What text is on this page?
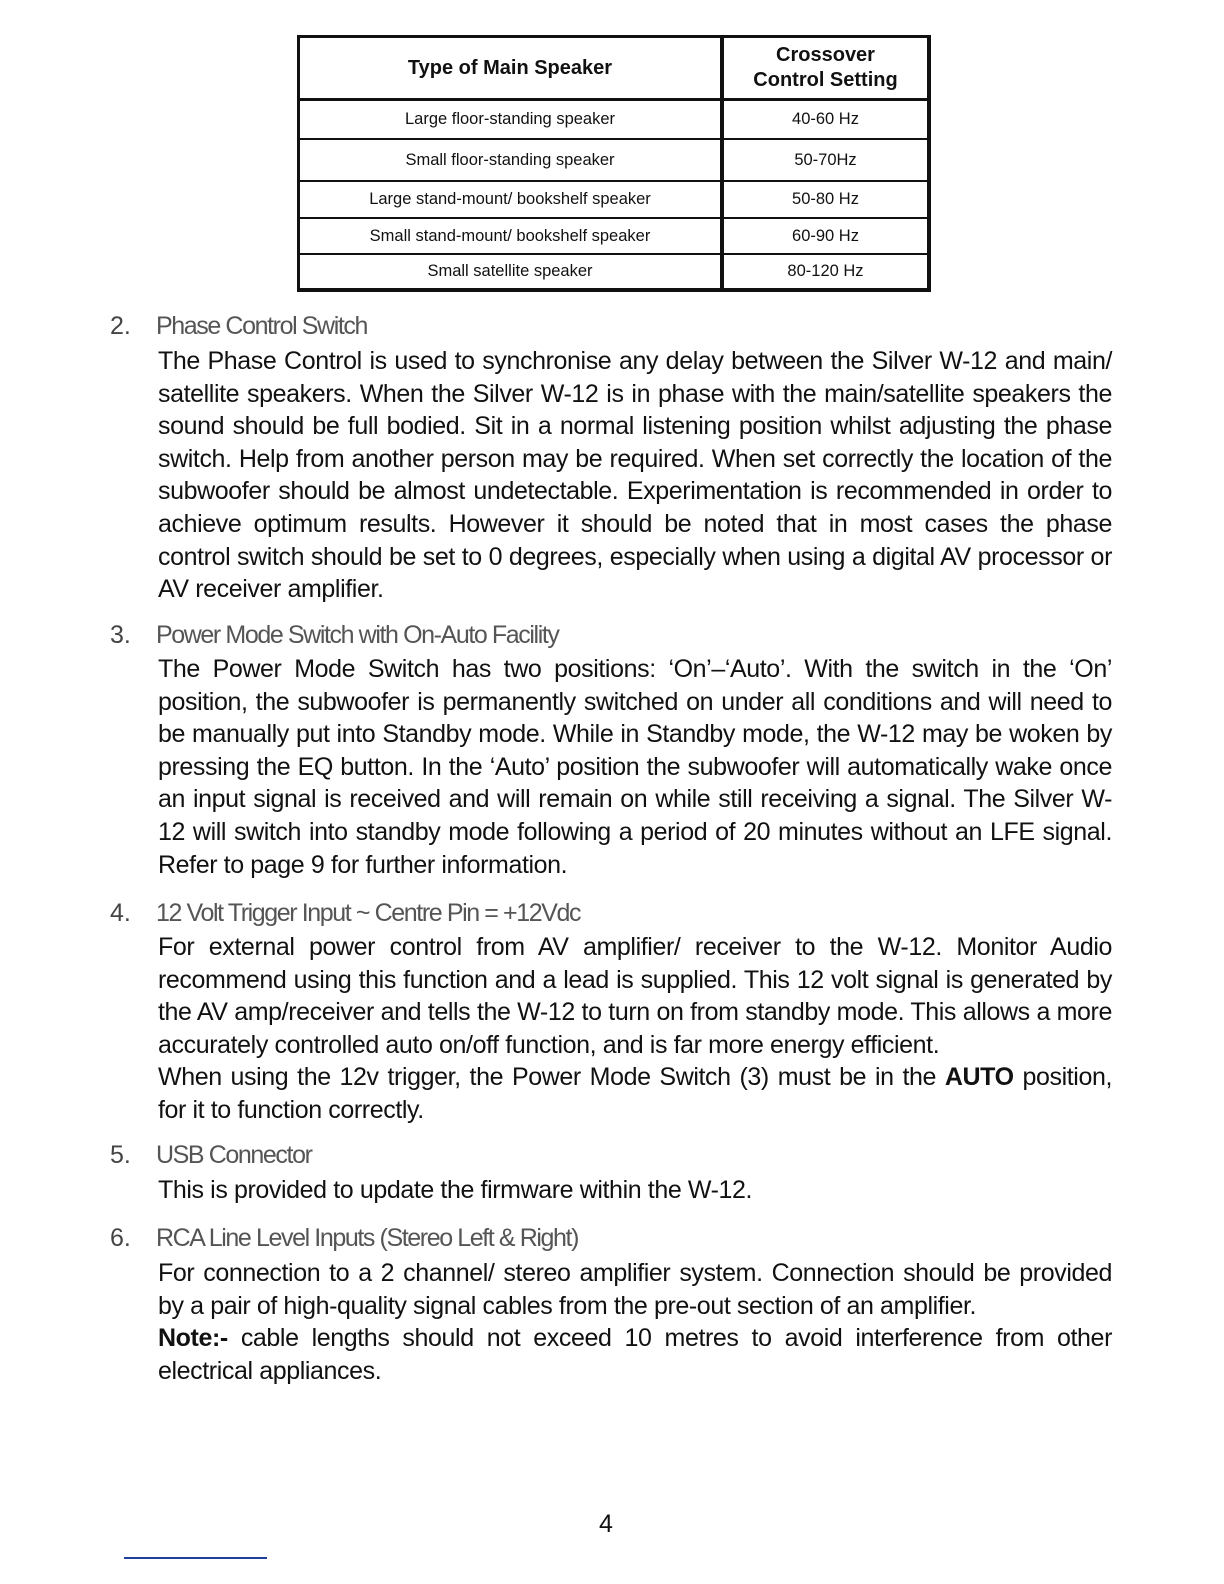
Type of Main Speaker	Crossover
Control Setting
Large floor-standing speaker	40-60 Hz
Small floor-standing speaker	50-70Hz
Large stand-mount/ bookshelf speaker	50-80 Hz
Small stand-mount/ bookshelf speaker	60-90 Hz
Small satellite speaker	80-120 Hz
2. Phase Control Switch

The Phase Control is used to synchronise any delay between the Silver W-12 and main/ satellite speakers. When the Silver W-12 is in phase with the main/satellite speakers the sound should be full bodied. Sit in a normal listening position whilst adjusting the phase switch. Help from another person may be required. When set correctly the location of the subwoofer should be almost undetectable. Experimentation is recommended in order to achieve optimum results. However it should be noted that in most cases the phase control switch should be set to 0 degrees, especially when using a digital AV processor or AV receiver amplifier.

3. Power Mode Switch with On-Auto Facility

The Power Mode Switch has two positions: ‘On’–‘Auto’. With the switch in the ‘On’ position, the subwoofer is permanently switched on under all conditions and will need to be manually put into Standby mode. While in Standby mode, the W-12 may be woken by pressing the EQ button. In the ‘Auto’ position the subwoofer will automatically wake once an input signal is received and will remain on while still receiving a signal. The Silver W-12 will switch into standby mode following a period of 20 minutes without an LFE signal. Refer to page 9 for further information.

4. 12 Volt Trigger Input ~ Centre Pin = +12Vdc

For external power control from AV amplifier/ receiver to the W-12. Monitor Audio recommend using this function and a lead is supplied. This 12 volt signal is generated by the AV amp/receiver and tells the W-12 to turn on from standby mode. This allows a more accurately controlled auto on/off function, and is far more energy efficient.

When using the 12v trigger, the Power Mode Switch (3) must be in the AUTO position, for it to function correctly.

5. USB Connector

This is provided to update the firmware within the W-12.

6. RCA Line Level Inputs (Stereo Left & Right)

For connection to a 2 channel/ stereo amplifier system. Connection should be provided by a pair of high-quality signal cables from the pre-out section of an amplifier.

Note:- cable lengths should not exceed 10 metres to avoid interference from other electrical appliances.

4
